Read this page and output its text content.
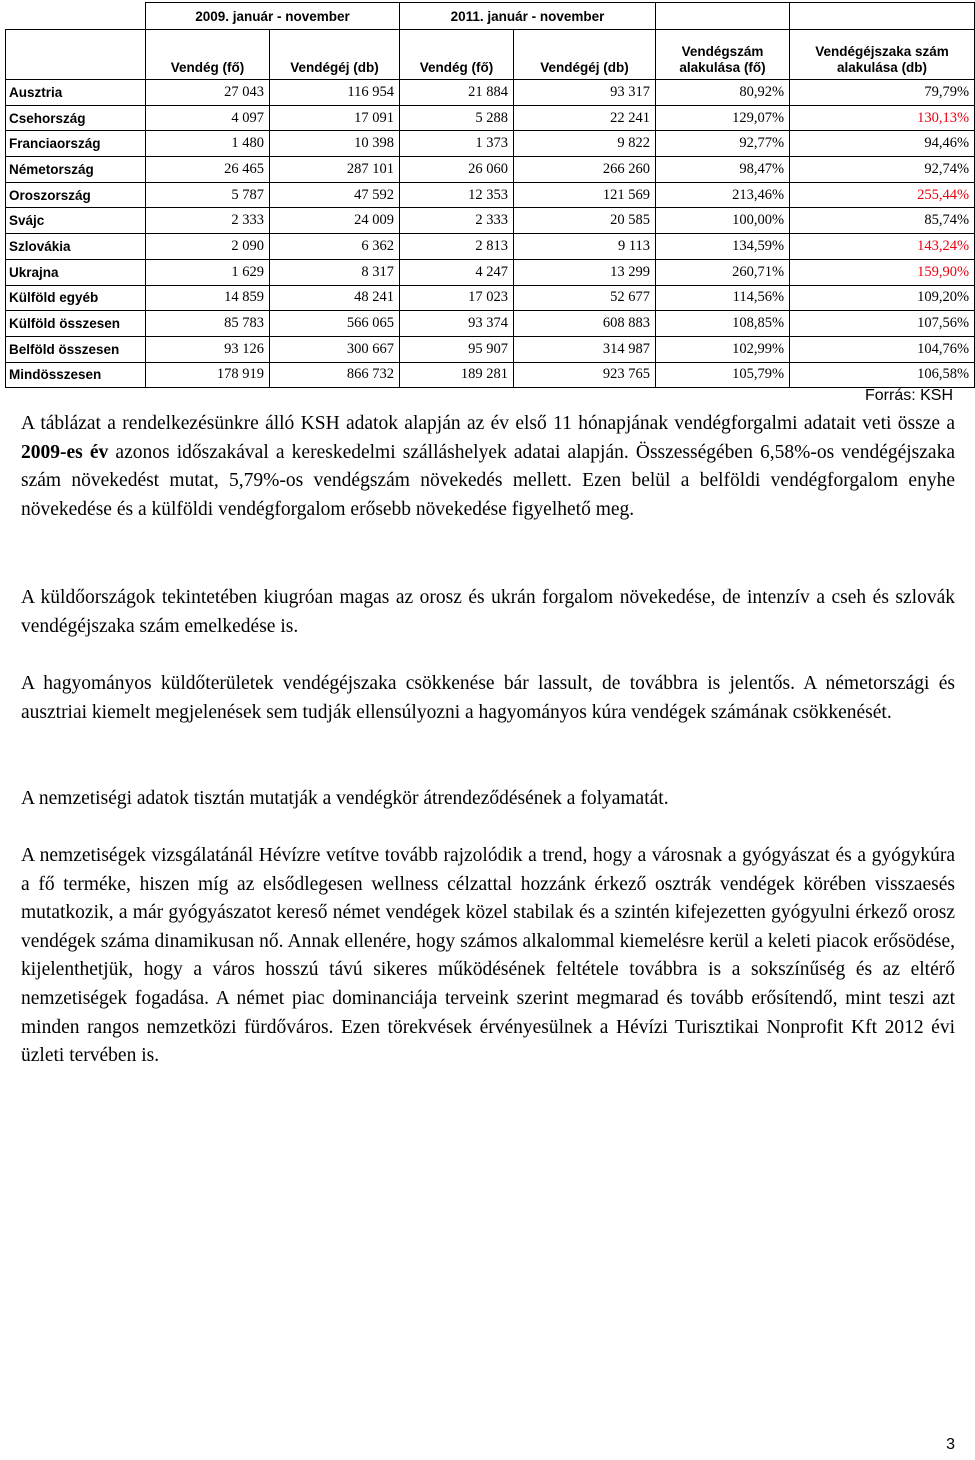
	2009. január - november		2011. január - november			
	Vendég (fő)	Vendégéj (db)	Vendég (fő)	Vendégéj (db)	Vendégszám alakulása (fő)	Vendégéjszaka szám alakulása (db)
Ausztria	27 043	116 954	21 884	93 317	80,92%	79,79%
Csehország	4 097	17 091	5 288	22 241	129,07%	130,13%
Franciaország	1 480	10 398	1 373	9 822	92,77%	94,46%
Németország	26 465	287 101	26 060	266 260	98,47%	92,74%
Oroszország	5 787	47 592	12 353	121 569	213,46%	255,44%
Svájc	2 333	24 009	2 333	20 585	100,00%	85,74%
Szlovákia	2 090	6 362	2 813	9 113	134,59%	143,24%
Ukrajna	1 629	8 317	4 247	13 299	260,71%	159,90%
Külföld egyéb	14 859	48 241	17 023	52 677	114,56%	109,20%
Külföld összesen	85 783	566 065	93 374	608 883	108,85%	107,56%
Belföld összesen	93 126	300 667	95 907	314 987	102,99%	104,76%
Mindösszesen	178 919	866 732	189 281	923 765	105,79%	106,58%
Forrás: KSH

A táblázat a rendelkezésünkre álló KSH adatok alapján az év első 11 hónapjának vendégforgalmi adatait veti össze a 2009-es év azonos időszakával a kereskedelmi szálláshelyek adatai alapján. Összességében 6,58%-os vendégéjszaka szám növekedést mutat, 5,79%-os vendégszám növekedés mellett. Ezen belül a belföldi vendégforgalom enyhe növekedése és a külföldi vendégforgalom erősebb növekedése figyelhető meg.

A küldőországok tekintetében kiugróan magas az orosz és ukrán forgalom növekedése, de intenzív a cseh és szlovák vendégéjszaka szám emelkedése is.

A hagyományos küldőterületek vendégéjszaka csökkenése bár lassult, de továbbra is jelentős. A németországi és ausztriai kiemelt megjelenések sem tudják ellensúlyozni a hagyományos kúra vendégek számának csökkenését.

A nemzetiségi adatok tisztán mutatják a vendégkör átrendeződésének a folyamatát.

A nemzetiségek vizsgálatánál Hévízre vetítve tovább rajzolódik a trend, hogy a városnak a gyógyászat és a gyógykúra a fő terméke, hiszen míg az elsődlegesen wellness célzattal hozzánk érkező osztrák vendégek körében visszaesés mutatkozik, a már gyógyászatot kereső német vendégek közel stabilak és a szintén kifejezetten gyógyulni érkező orosz vendégek száma dinamikusan nő. Annak ellenére, hogy számos alkalommal kiemelésre kerül a keleti piacok erősödése, kijelenthetjük, hogy a város hosszú távú sikeres működésének feltétele továbbra is a sokszínűség és az eltérő nemzetiségek fogadása. A német piac dominanciája terveink szerint megmarad és tovább erősítendő, mint teszi azt minden rangos nemzetközi fürdőváros. Ezen törekvések érvényesülnek a Hévízi Turisztikai Nonprofit Kft 2012 évi üzleti tervében is.

3
